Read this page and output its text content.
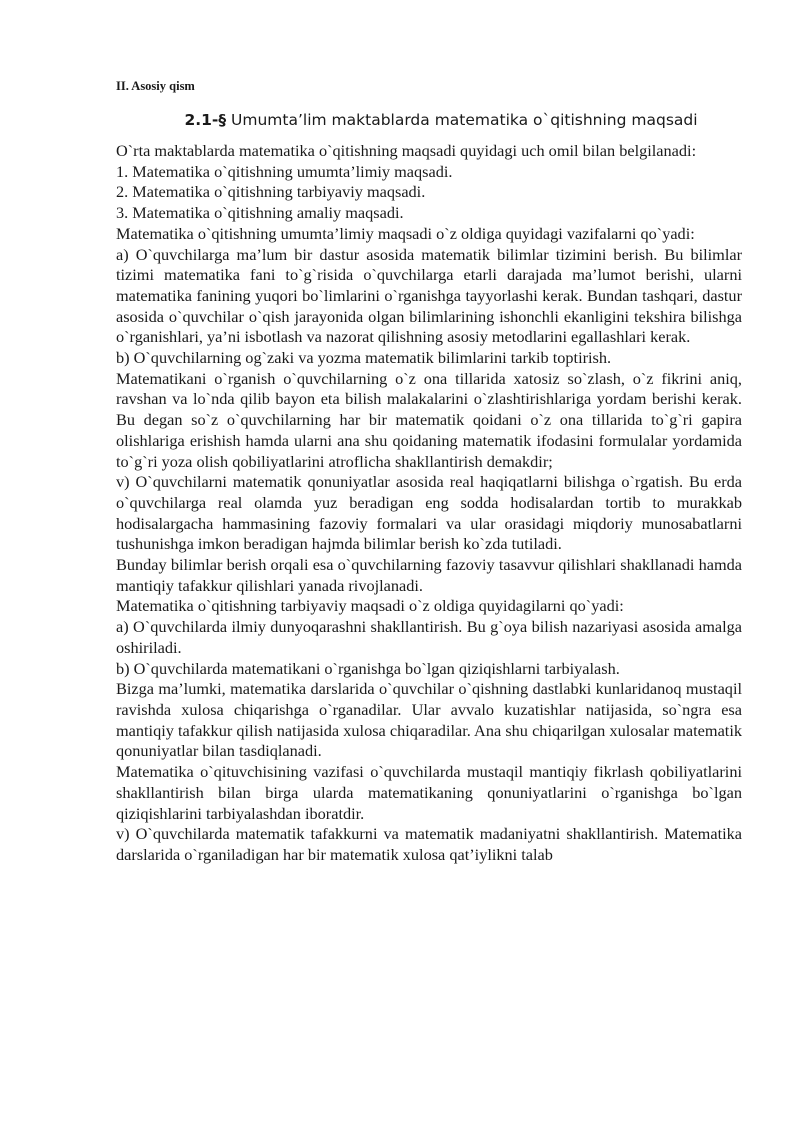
II. Asosiy qism
2.1-§ Umumta’lim maktablarda matematika o`qitishning maqsadi

O`rta maktablarda matematika o`qitishning maqsadi quyidagi uch omil bilan belgilanadi:

1. Matematika o`qitishning umumta’limiy maqsadi.

2. Matematika o`qitishning tarbiyaviy maqsadi.

3. Matematika o`qitishning amaliy maqsadi.

Matematika o`qitishning umumta’limiy maqsadi o`z oldiga quyidagi vazifalarni qo`yadi:

a) O`quvchilarga ma’lum bir dastur asosida matematik bilimlar tizimini berish. Bu bilimlar tizimi matematika fani to`g`risida o`quvchilarga etarli darajada ma’lumot berishi, ularni matematika fanining yuqori bo`limlarini o`rganishga tayyorlashi kerak. Bundan tashqari, dastur asosida o`quvchilar o`qish jarayonida olgan bilimlarining ishonchli ekanligini tekshira bilishga o`rganishlari, ya’ni isbotlash va nazorat qilishning asosiy metodlarini egallashlari kerak.

b) O`quvchilarning og`zaki va yozma matematik bilimlarini tarkib toptirish.

Matematikani o`rganish o`quvchilarning o`z ona tillarida xatosiz so`zlash, o`z fikrini aniq, ravshan va lo`nda qilib bayon eta bilish malakalarini o`zlashtirishlariga yordam berishi kerak. Bu degan so`z o`quvchilarning har bir matematik qoidani o`z ona tillarida to`g`ri gapira olishlariga erishish hamda ularni ana shu qoidaning matematik ifodasini formulalar yordamida to`g`ri yoza olish qobiliyatlarini atroflicha shakllantirish demakdir;

v) O`quvchilarni matematik qonuniyatlar asosida real haqiqatlarni bilishga o`rgatish. Bu erda o`quvchilarga real olamda yuz beradigan eng sodda hodisalardan tortib to murakkab hodisalargacha hammasining fazoviy formalari va ular orasidagi miqdoriy munosabatlarni tushunishga imkon beradigan hajmda bilimlar berish ko`zda tutiladi.

Bunday bilimlar berish orqali esa o`quvchilarning fazoviy tasavvur qilishlari shakllanadi hamda mantiqiy tafakkur qilishlari yanada rivojlanadi.

Matematika o`qitishning tarbiyaviy maqsadi o`z oldiga quyidagilarni qo`yadi:

a) O`quvchilarda ilmiy dunyoqarashni shakllantirish. Bu g`oya bilish nazariyasi asosida amalga oshiriladi.

b) O`quvchilarda matematikani o`rganishga bo`lgan qiziqishlarni tarbiyalash.

Bizga ma’lumki, matematika darslarida o`quvchilar o`qishning dastlabki kunlaridanoq mustaqil ravishda xulosa chiqarishga o`rganadilar. Ular avvalo kuzatishlar natijasida, so`ngra esa mantiqiy tafakkur qilish natijasida xulosa chiqaradilar. Ana shu chiqarilgan xulosalar matematik qonuniyatlar bilan tasdiqlanadi.

Matematika o`qituvchisining vazifasi o`quvchilarda mustaqil mantiqiy fikrlash qobiliyatlarini shakllantirish bilan birga ularda matematikaning qonuniyatlarini o`rganishga bo`lgan qiziqishlarini tarbiyalashdan iboratdir.

v) O`quvchilarda matematik tafakkurni va matematik madaniyatni shakllantirish. Matematika darslarida o`rganiladigan har bir matematik xulosa qat’iylikni talab
